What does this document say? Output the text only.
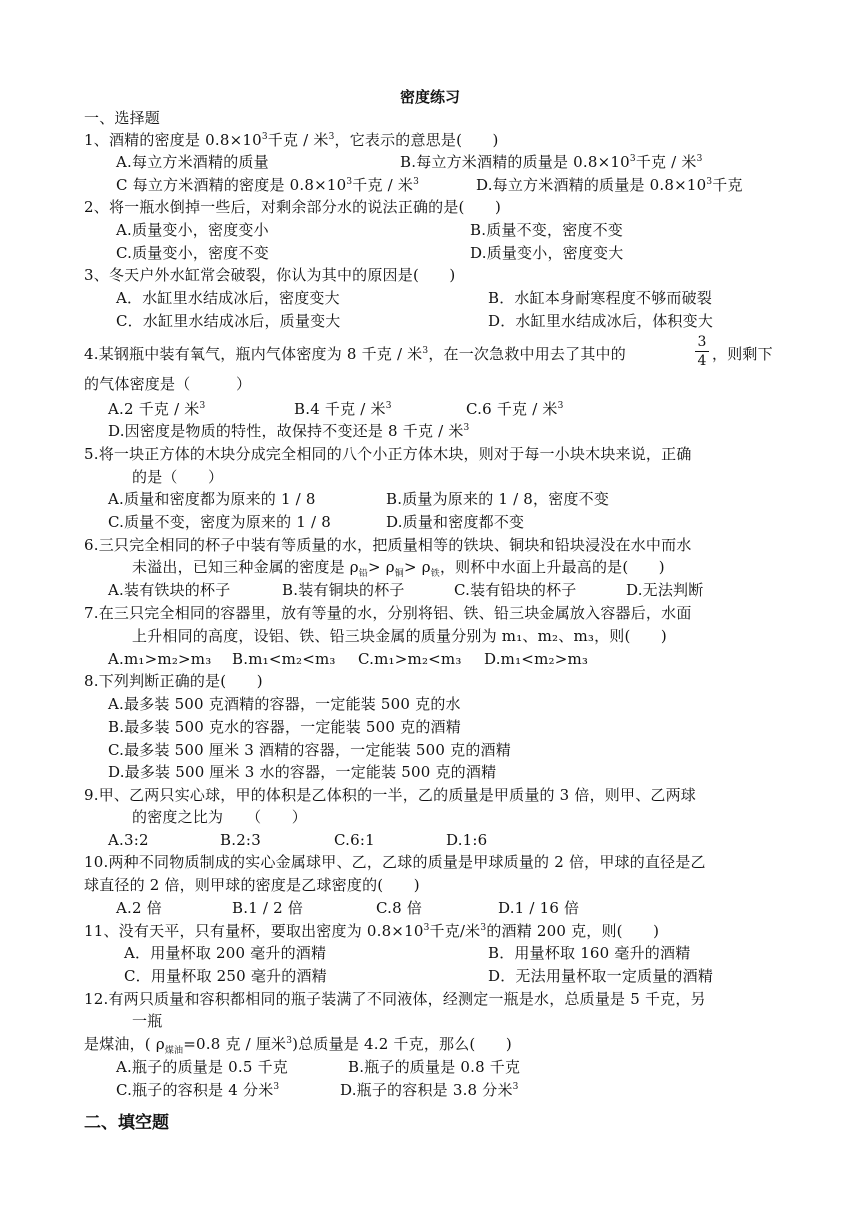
密度练习
一、选择题
1、酒精的密度是 $0.8\times 10^3$千克 / 米$^3$，它表示的意思是(　　)
A.每立方米酒精的质量	B.每立方米酒精的质量是 $0.8\times 10^3$千克 / 米$^3$
C 每立方米酒精的密度是 $0.8\times 10^3$千克 / 米$^3$	D.每立方米酒精的质量是 $0.8\times 10^3$千克
2、将一瓶水倒掉一些后，对剩余部分水的说法正确的是(　　)
A.质量变小，密度变小	B.质量不变，密度不变
C.质量变小，密度不变	D.质量变小，密度变大
3、冬天户外水缸常会破裂，你认为其中的原因是(　　)
A．水缸里水结成冰后，密度变大	B．水缸本身耐寒程度不够而破裂
C．水缸里水结成冰后，质量变大	D．水缸里水结成冰后，体积变大
4.某钢瓶中装有氧气，瓶内气体密度为 8 千克 / 米$^3$，在一次急救中用去了其中的
3
4 ，则剩下
的气体密度是（　　　）
A.2 千克 / 米$^3$	B.4 千克 / 米$^3$	C.6 千克 / 米$^3$
D.因密度是物质的特性，故保持不变还是 8 千克 / 米$^3$
5.将一块正方体的木块分成完全相同的八个小正方体木块，则对于每一小块木块来说，正确
的是（　　）
A.质量和密度都为原来的 1 / 8	B.质量为原来的 1 / 8，密度不变
C.质量不变，密度为原来的 1 / 8	D.质量和密度都不变
6.三只完全相同的杯子中装有等质量的水，把质量相等的铁块、铜块和铅块浸没在水中而水
未溢出，已知三种金属的密度是 $\rho_铅> \rho_铜> \rho_铁$，则杯中水面上升最高的是(　　)
A.装有铁块的杯子	B.装有铜块的杯子	C.装有铅块的杯子	D.无法判断
7.在三只完全相同的容器里，放有等量的水，分别将铝、铁、铅三块金属放入容器后，水面
上升相同的高度，设铝、铁、铅三块金属的质量分别为 m₁、m₂、m₃，则(　　)
A.m₁>m₂>m₃ B.m₁<m₂<m₃ C.m₁>m₂<m₃ D.m₁<m₂>m₃
8.下列判断正确的是(　　)
A.最多装 500 克酒精的容器，一定能装 500 克的水
B.最多装 500 克水的容器，一定能装 500 克的酒精
C.最多装 500 厘米 3 酒精的容器，一定能装 500 克的酒精
D.最多装 500 厘米 3 水的容器，一定能装 500 克的酒精
9.甲、乙两只实心球，甲的体积是乙体积的一半，乙的质量是甲质量的 3 倍，则甲、乙两球
的密度之比为　　（　　）
A.3:2	B.2:3	C.6:1	D.1:6
10.两种不同物质制成的实心金属球甲、乙，乙球的质量是甲球质量的 2 倍，甲球的直径是乙
球直径的 2 倍，则甲球的密度是乙球密度的(　　)
A.2 倍	B.1 / 2 倍	C.8 倍	D.1 / 16 倍
11、没有天平，只有量杯，要取出密度为 $0.8\times 10^3$千克/米$^3$的酒精 200 克，则(　　)
A．用量杯取 200 毫升的酒精	B．用量杯取 160 毫升的酒精
C．用量杯取 250 毫升的酒精	D．无法用量杯取一定质量的酒精
12.有两只质量和容积都相同的瓶子装满了不同液体，经测定一瓶是水，总质量是 5 千克，另
一瓶
是煤油，( $\rho_{煤油}=0.8$ 克 / 厘米$^3$)总质量是 4.2 千克，那么(　　)
A.瓶子的质量是 0.5 千克	B.瓶子的质量是 0.8 千克
C.瓶子的容积是 4 分米$^3$	D.瓶子的容积是 3.8 分米$^3$
二、填空题
